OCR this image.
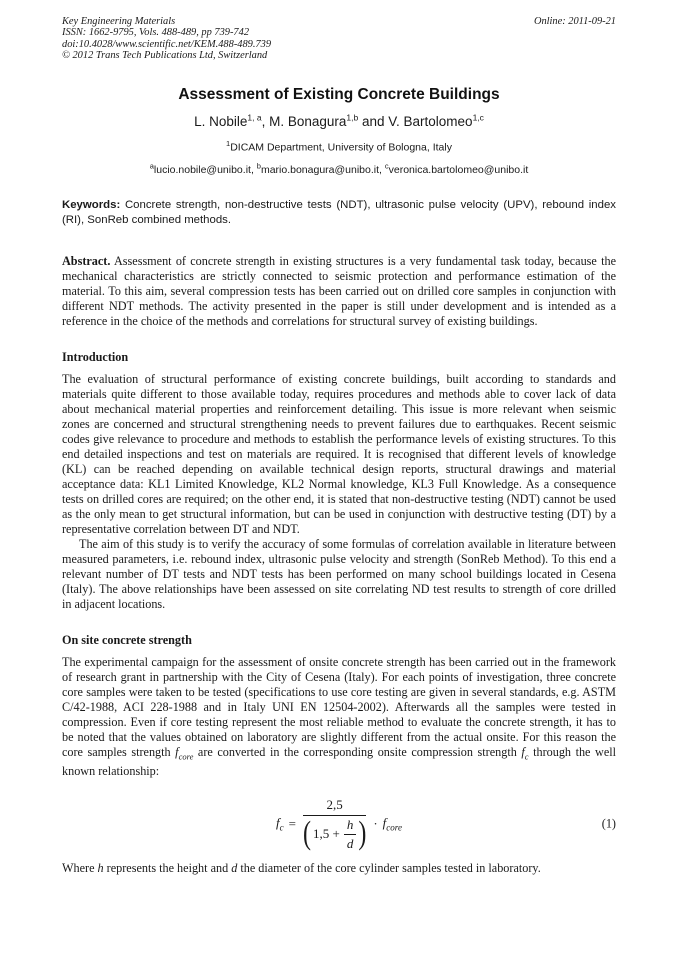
Key Engineering Materials
ISSN: 1662-9795, Vols. 488-489, pp 739-742
doi:10.4028/www.scientific.net/KEM.488-489.739
© 2012 Trans Tech Publications Ltd, Switzerland
Online: 2011-09-21
Assessment of Existing Concrete Buildings
L. Nobile$^{1, a}$, M. Bonagura$^{1,b}$ and V. Bartolomeo$^{1,c}$
$^1$DICAM Department, University of Bologna, Italy
$^a$lucio.nobile@unibo.it, $^b$mario.bonagura@unibo.it, $^c$veronica.bartolomeo@unibo.it
Keywords: Concrete strength, non-destructive tests (NDT), ultrasonic pulse velocity (UPV), rebound index (RI), SonReb combined methods.
Abstract. Assessment of concrete strength in existing structures is a very fundamental task today, because the mechanical characteristics are strictly connected to seismic protection and performance estimation of the material. To this aim, several compression tests has been carried out on drilled core samples in conjunction with different NDT methods. The activity presented in the paper is still under development and is intended as a reference in the choice of the methods and correlations for structural survey of existing buildings.
Introduction
The evaluation of structural performance of existing concrete buildings, built according to standards and materials quite different to those available today, requires procedures and methods able to cover lack of data about mechanical material properties and reinforcement detailing. This issue is more relevant when seismic zones are concerned and structural strengthening needs to prevent failures due to earthquakes. Recent seismic codes give relevance to procedure and methods to establish the performance levels of existing structures. To this end detailed inspections and test on materials are required. It is recognised that different levels of knowledge (KL) can be reached depending on available technical design reports, structural drawings and material acceptance data: KL1 Limited Knowledge, KL2 Normal knowledge, KL3 Full Knowledge. As a consequence tests on drilled cores are required; on the other end, it is stated that non-destructive testing (NDT) cannot be used as the only mean to get structural information, but can be used in conjunction with destructive testing (DT) by a representative correlation between DT and NDT.
The aim of this study is to verify the accuracy of some formulas of correlation available in literature between measured parameters, i.e. rebound index, ultrasonic pulse velocity and strength (SonReb Method). To this end a relevant number of DT tests and NDT tests has been performed on many school buildings located in Cesena (Italy). The above relationships have been assessed on site correlating ND test results to strength of core drilled in adjacent locations.
On site concrete strength
The experimental campaign for the assessment of onsite concrete strength has been carried out in the framework of research grant in partnership with the City of Cesena (Italy). For each points of investigation, three concrete core samples were taken to be tested (specifications to use core testing are given in several standards, e.g. ASTM C/42-1988, ACI 228-1988 and in Italy UNI EN 12504-2002). Afterwards all the samples were tested in compression. Even if core testing represent the most reliable method to evaluate the concrete strength, it has to be noted that the values obtained on laboratory are slightly different from the actual onsite. For this reason the core samples strength $f_{core}$ are converted in the corresponding onsite compression strength $f_c$ through the well known relationship:
$f_c$ =
2,5
( $1,5 + \frac{h}{d}$ ) · $f_{core}$	(1)
Where h represents the height and d the diameter of the core cylinder samples tested in laboratory.
